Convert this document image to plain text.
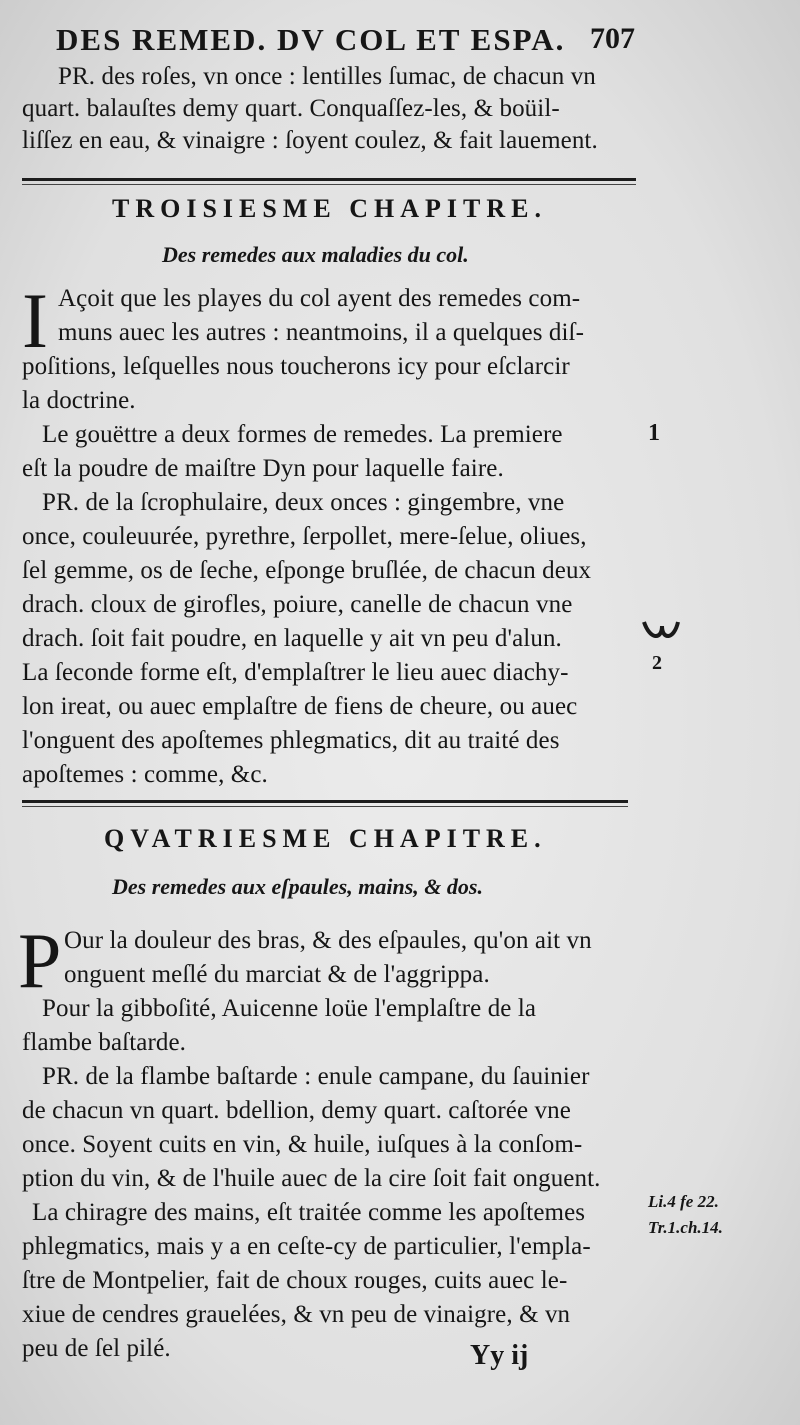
DES REMED. DV COL ET ESPA. 707
PR. des roſes, vn once : lentilles ſumac, de chacun vn
quart. balauſtes demy quart. Conquaſſez-les, & boüil-
liſſez en eau, & vinaigre : ſoyent coulez, & fait lauement.
TROISIESME CHAPITRE.
Des remedes aux maladies du col.
I Açoit que les playes du col ayent des remedes com-
muns auec les autres : neantmoins, il a quelques diſ-
poſitions, leſquelles nous toucherons icy pour eſclarcir
la doctrine.
Le gouëttre a deux formes de remedes. La premiere
eſt la poudre de maiſtre Dyn pour laquelle faire.
PR. de la ſcrophulaire, deux onces : gingembre, vne
once, couleuurée, pyrethre, ſerpollet, mere-ſelue, oliues,
ſel gemme, os de ſeche, eſponge bruſlée, de chacun deux
drach. cloux de girofles, poiure, canelle de chacun vne
drach. ſoit fait poudre, en laquelle y ait vn peu d'alun.
La ſeconde forme eſt, d'emplaſtrer le lieu auec diachy-
lon ireat, ou auec emplaſtre de fiens de cheure, ou auec
l'onguent des apoſtemes phlegmatics, dit au traité des
apoſtemes : comme, &c.
1
2
QVATRIESME CHAPITRE.
Des remedes aux eſpaules, mains, & dos.
P Our la douleur des bras, & des eſpaules, qu'on ait vn
onguent meſlé du marciat & de l'aggrippa.
Pour la gibboſité, Auicenne loüe l'emplaſtre de la
flambe baſtarde.
PR. de la flambe baſtarde : enule campane, du ſauinier
de chacun vn quart. bdellion, demy quart. caſtorée vne
once. Soyent cuits en vin, & huile, iuſques à la conſom-
ption du vin, & de l'huile auec de la cire ſoit fait onguent.
La chiragre des mains, eſt traitée comme les apoſtemes
phlegmatics, mais y a en ceſte-cy de particulier, l'empla-
ſtre de Montpelier, fait de choux rouges, cuits auec le-
xiue de cendres grauelées, & vn peu de vinaigre, & vn
peu de ſel pilé.
Li.4 fe 22.
Tr.1.ch.14.
Yy ij
